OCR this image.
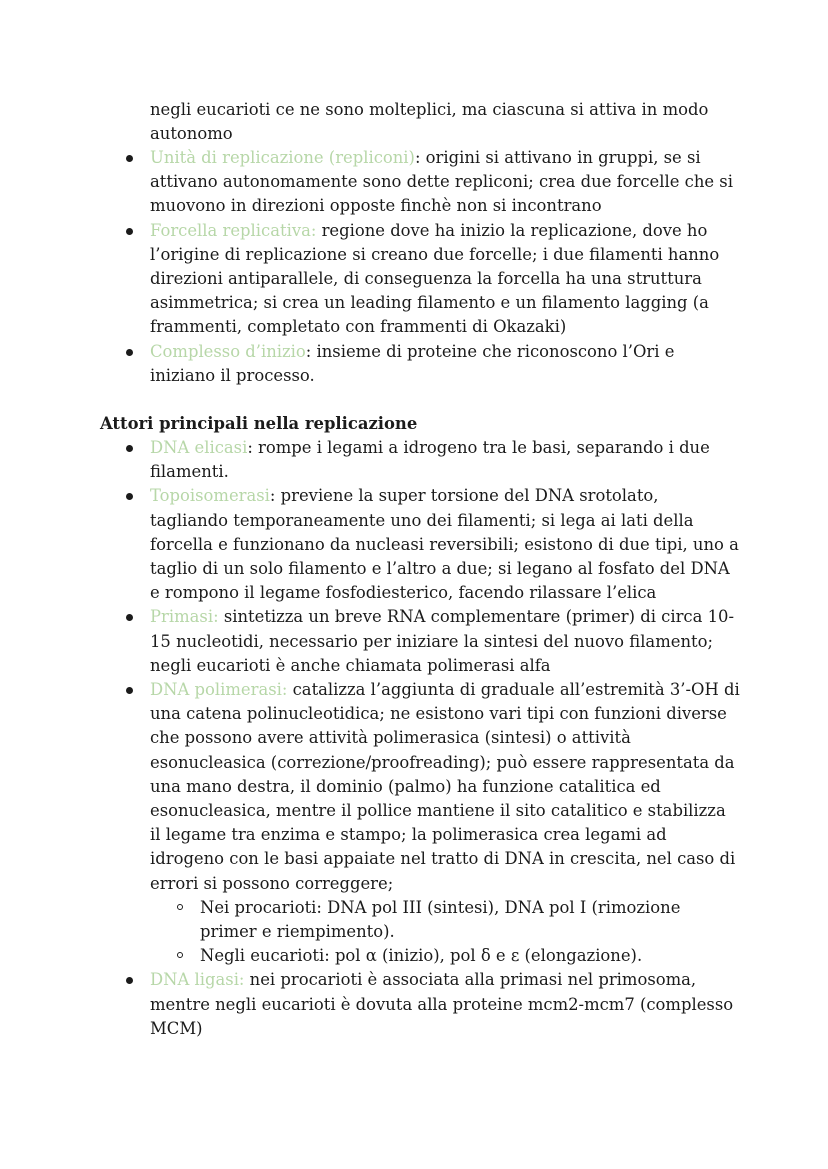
negli eucarioti ce ne sono molteplici, ma ciascuna si attiva in modo autonomo

Unità di replicazione (repliconi): origini si attivano in gruppi, se si attivano autonomamente sono dette repliconi; crea due forcelle che si muovono in direzioni opposte finchè non si incontrano
Forcella replicativa: regione dove ha inizio la replicazione, dove ho l’origine di replicazione si creano due forcelle; i due filamenti hanno direzioni antiparallele, di conseguenza la forcella ha una struttura asimmetrica; si crea un leading filamento e un filamento lagging (a frammenti, completato con frammenti di Okazaki)
Complesso d’inizio: insieme di proteine che riconoscono l’Ori e iniziano il processo.
Attori principali nella replicazione
DNA elicasi: rompe i legami a idrogeno tra le basi, separando i due filamenti.
Topoisomerasi: previene la super torsione del DNA srotolato, tagliando temporaneamente uno dei filamenti; si lega ai lati della forcella e funzionano da nucleasi reversibili; esistono di due tipi, uno a taglio di un solo filamento e l’altro a due; si legano al fosfato del DNA e rompono il legame fosfodiesterico, facendo rilassare l’elica
Primasi: sintetizza un breve RNA complementare (primer) di circa 10-15 nucleotidi, necessario per iniziare la sintesi del nuovo filamento; negli eucarioti è anche chiamata polimerasi alfa
DNA polimerasi: catalizza l’aggiunta di graduale all’estremità 3’-OH di una catena polinucleotidica; ne esistono vari tipi con funzioni diverse che possono avere attività polimerasica (sintesi) o attività esonucleasica (correzione/proofreading); può essere rappresentata da una mano destra, il dominio (palmo) ha funzione catalitica ed esonucleasica, mentre il pollice mantiene il sito catalitico e stabilizza il legame tra enzima e stampo; la polimerasica crea legami ad idrogeno con le basi appaiate nel tratto di DNA in crescita, nel caso di errori si possono correggere;
Nei procarioti: DNA pol III (sintesi), DNA pol I (rimozione primer e riempimento).
Negli eucarioti: pol α (inizio), pol δ e ε (elongazione).
DNA ligasi: nei procarioti è associata alla primasi nel primosoma, mentre negli eucarioti è dovuta alla proteine mcm2-mcm7 (complesso MCM)
